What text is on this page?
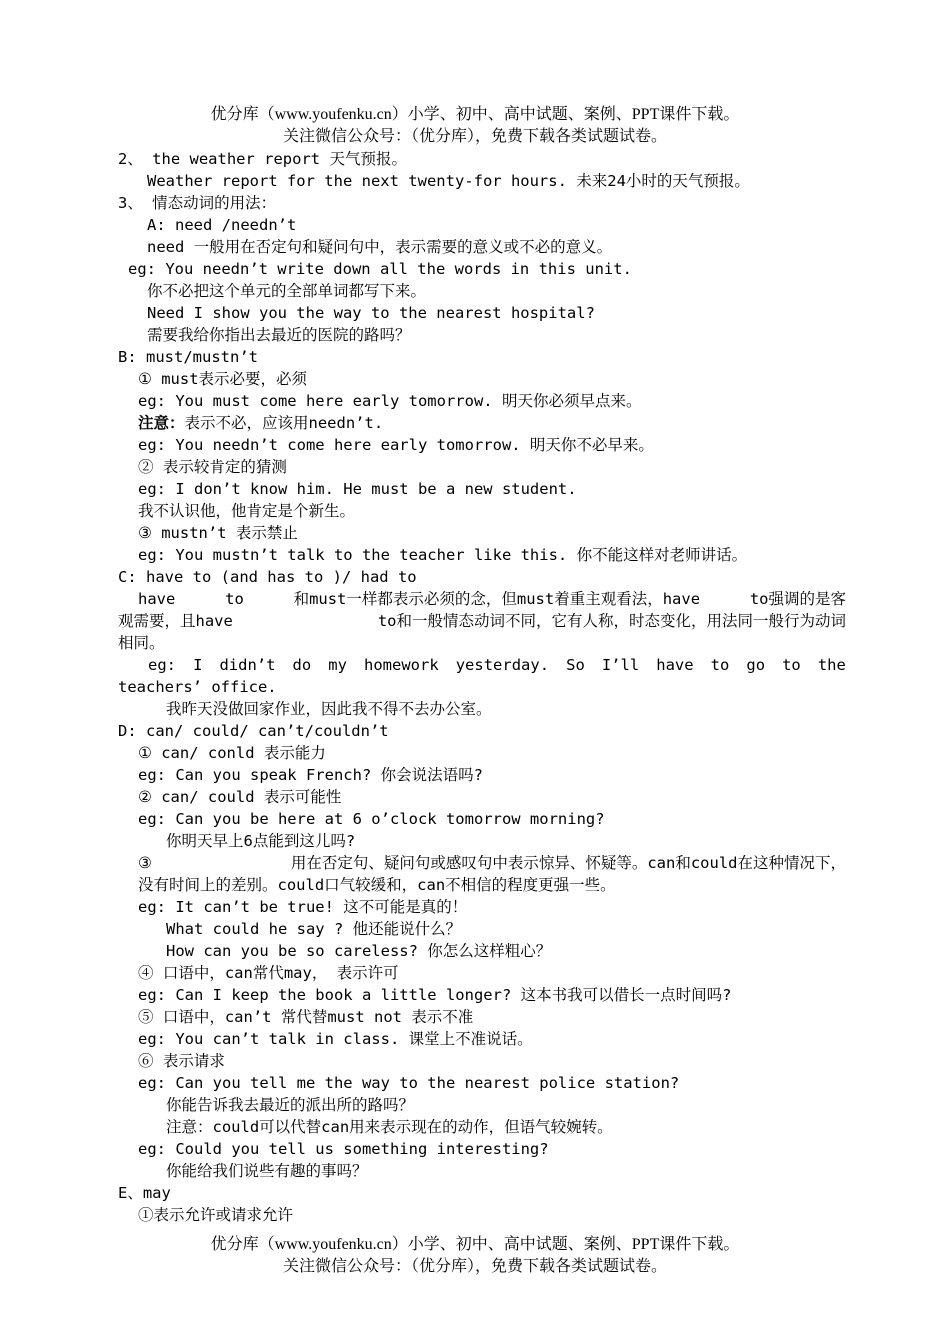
优分库（www.youfenku.cn）小学、初中、高中试题、案例、PPT课件下载。
关注微信公众号：（优分库），免费下载各类试题试卷。
2、 the weather report 天气预报。
Weather report for the next twenty-for hours. 未来24小时的天气预报。
3、 情态动词的用法：
A: need /needn’t
need 一般用在否定句和疑问句中，表示需要的意义或不必的意义。
eg: You needn’t write down all the words in this unit.
你不必把这个单元的全部单词都写下来。
Need I show you the way to the nearest hospital?
需要我给你指出去最近的医院的路吗？
B: must/mustn’t
① must表示必要，必须
eg: You must come here early tomorrow. 明天你必须早点来。
注意：表示不必，应该用needn’t.
eg: You needn’t come here early tomorrow. 明天你不必早来。
② 表示较肯定的猜测
eg: I don’t know him. He must be a new student.
我不认识他，他肯定是个新生。
③ mustn’t 表示禁止
eg: You mustn’t talk to the teacher like this. 你不能这样对老师讲话。
C: have to (and has to )/ had to
have	to	和must一样都表示必须的念，但must着重主观看法，have	to强调的是客
观需要，且have	to和一般情态动词不同，它有人称，时态变化，用法同一般行为动词
相同。
eg: I didn’t do my homework yesterday. So I’ll have to go to the
teachers’ office.
我昨天没做回家作业，因此我不得不去办公室。
D: can/ could/ can’t/couldn’t
① can/ conld 表示能力
eg: Can you speak French? 你会说法语吗?
② can/ could 表示可能性
eg: Can you be here at 6 o’clock tomorrow morning?
你明天早上6点能到这儿吗?
③	用在否定句、疑问句或感叹句中表示惊异、怀疑等。can和could在这种情况下，
没有时间上的差别。could口气较缓和，can不相信的程度更强一些。
eg: It can’t be true! 这不可能是真的！
What could he say ? 他还能说什么？
How can you be so careless? 你怎么这样粗心？
④ 口语中，can常代may， 表示许可
eg: Can I keep the book a little longer? 这本书我可以借长一点时间吗?
⑤ 口语中，can’t 常代替must not 表示不准
eg: You can’t talk in class. 课堂上不准说话。
⑥ 表示请求
eg: Can you tell me the way to the nearest police station?
你能告诉我去最近的派出所的路吗？
注意：could可以代替can用来表示现在的动作，但语气较婉转。
eg: Could you tell us something interesting?
你能给我们说些有趣的事吗？
E、may
①表示允许或请求允许
优分库（www.youfenku.cn）小学、初中、高中试题、案例、PPT课件下载。
关注微信公众号：（优分库），免费下载各类试题试卷。
